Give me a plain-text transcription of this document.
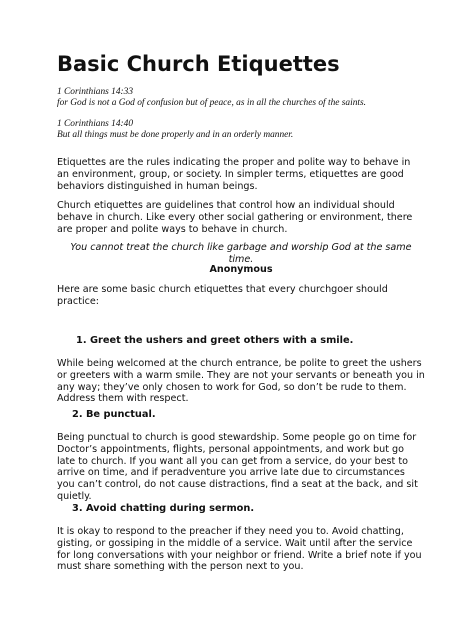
Basic Church Etiquettes

1 Corinthians 14:33

for God is not a God of confusion but of peace, as in all the churches of the saints.

1 Corinthians 14:40

But all things must be done properly and in an orderly manner.

Etiquettes are the rules indicating the proper and polite way to behave in an environment, group, or society. In simpler terms, etiquettes are good behaviors distinguished in human beings.

Church etiquettes are guidelines that control how an individual should behave in church. Like every other social gathering or environment, there are proper and polite ways to behave in church.

You cannot treat the church like garbage and worship God at the same time.

Anonymous

Here are some basic church etiquettes that every churchgoer should practice:

1. Greet the ushers and greet others with a smile.

While being welcomed at the church entrance, be polite to greet the ushers or greeters with a warm smile. They are not your servants or beneath you in any way; they’ve only chosen to work for God, so don’t be rude to them. Address them with respect.

2. Be punctual.

Being punctual to church is good stewardship. Some people go on time for Doctor’s appointments, flights, personal appointments, and work but go late to church. If you want all you can get from a service, do your best to arrive on time, and if peradventure you arrive late due to circumstances you can’t control, do not cause distractions, find a seat at the back, and sit quietly.

3. Avoid chatting during sermon.

It is okay to respond to the preacher if they need you to. Avoid chatting, gisting, or gossiping in the middle of a service. Wait until after the service for long conversations with your neighbor or friend. Write a brief note if you must share something with the person next to you.
